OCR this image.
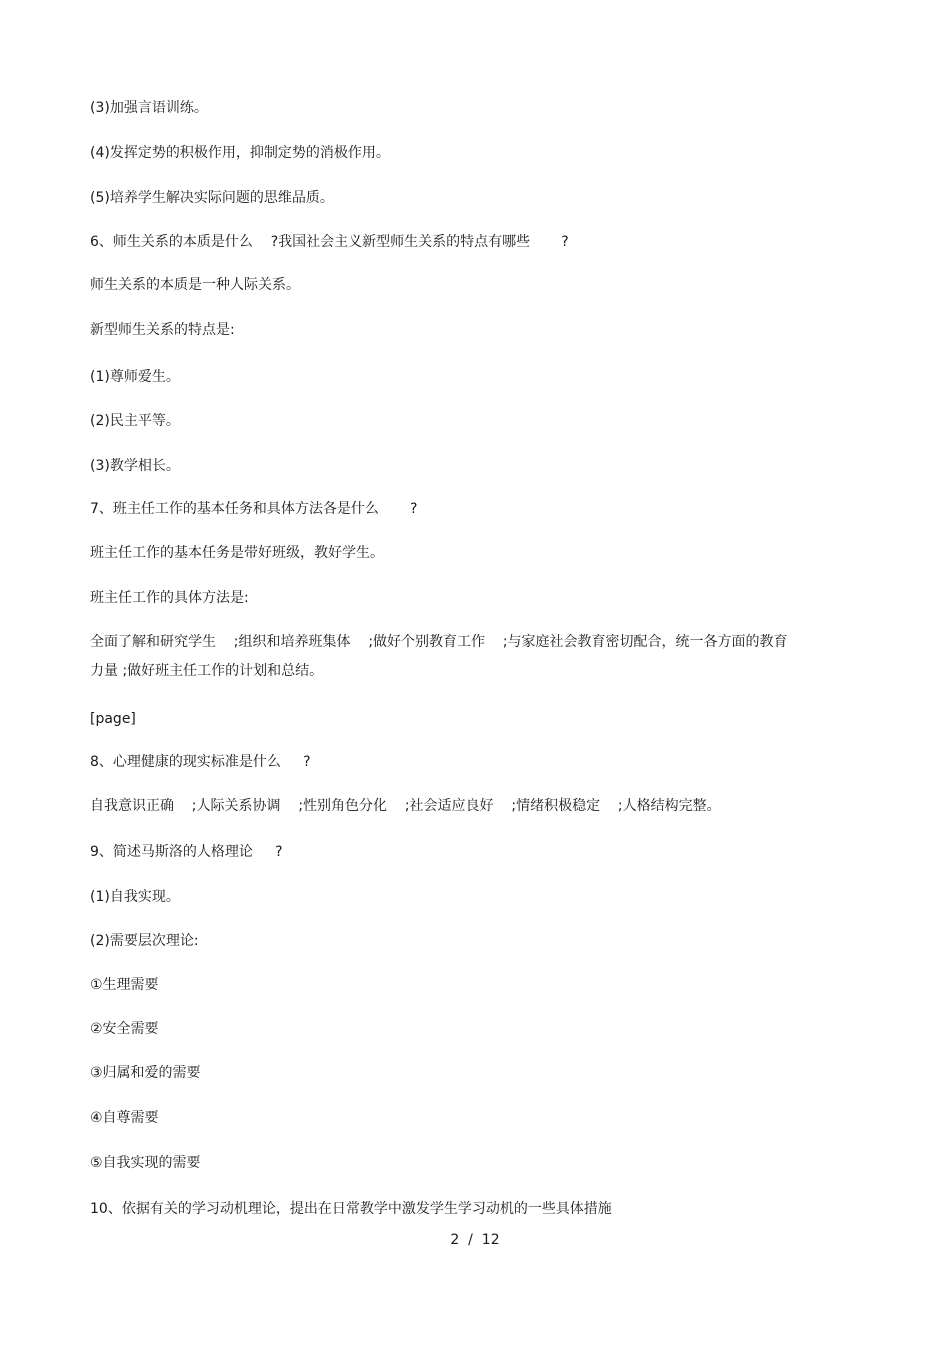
(3)加强言语训练。
(4)发挥定势的积极作用，抑制定势的消极作用。
(5)培养学生解决实际问题的思维品质。
6、师生关系的本质是什么    ?我国社会主义新型师生关系的特点有哪些       ?
师生关系的本质是一种人际关系。
新型师生关系的特点是:
(1)尊师爱生。
(2)民主平等。
(3)教学相长。
7、班主任工作的基本任务和具体方法各是什么       ?
班主任工作的基本任务是带好班级，教好学生。
班主任工作的具体方法是:
全面了解和研究学生    ;组织和培养班集体    ;做好个别教育工作    ;与家庭社会教育密切配合，统一各方面的教育
力量 ;做好班主任工作的计划和总结。
[page]
8、心理健康的现实标准是什么     ?
自我意识正确    ;人际关系协调    ;性别角色分化    ;社会适应良好    ;情绪积极稳定    ;人格结构完整。
9、简述马斯洛的人格理论     ?
(1)自我实现。
(2)需要层次理论:
①生理需要
②安全需要
③归属和爱的需要
④自尊需要
⑤自我实现的需要
10、依据有关的学习动机理论，提出在日常教学中激发学生学习动机的一些具体措施
2  /  12
